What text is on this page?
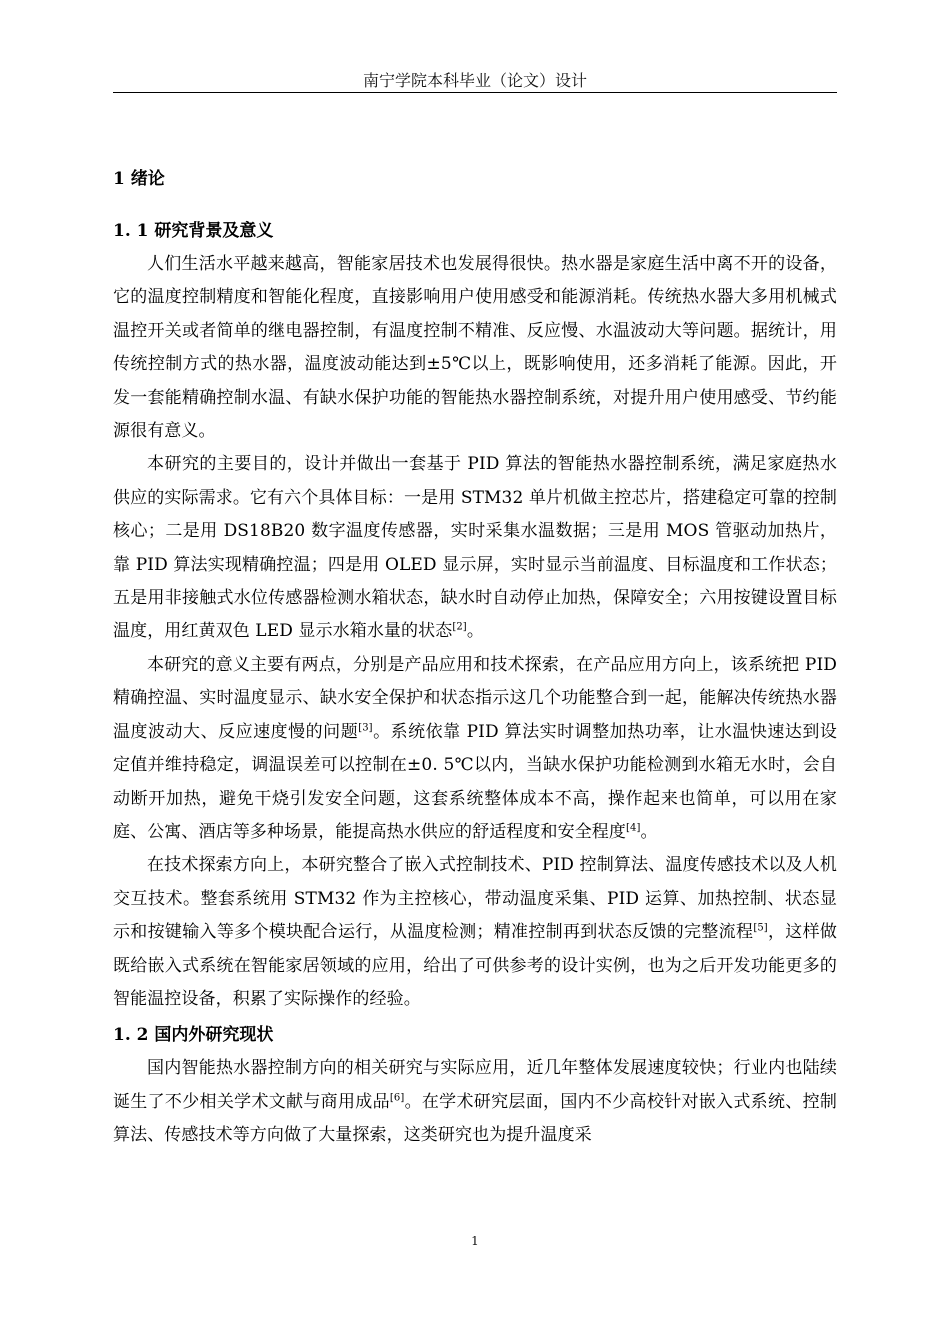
南宁学院本科毕业（论文）设计
1 绪论
1. 1 研究背景及意义

人们生活水平越来越高，智能家居技术也发展得很快。热水器是家庭生活中离不开的设备，它的温度控制精度和智能化程度，直接影响用户使用感受和能源消耗。传统热水器大多用机械式温控开关或者简单的继电器控制，有温度控制不精准、反应慢、水温波动大等问题。据统计，用传统控制方式的热水器，温度波动能达到±5℃以上，既影响使用，还多消耗了能源。因此，开发一套能精确控制水温、有缺水保护功能的智能热水器控制系统，对提升用户使用感受、节约能源很有意义。

本研究的主要目的，设计并做出一套基于 PID 算法的智能热水器控制系统，满足家庭热水供应的实际需求。它有六个具体目标：一是用 STM32 单片机做主控芯片，搭建稳定可靠的控制核心；二是用 DS18B20 数字温度传感器，实时采集水温数据；三是用 MOS 管驱动加热片，靠 PID 算法实现精确控温；四是用 OLED 显示屏，实时显示当前温度、目标温度和工作状态；五是用非接触式水位传感器检测水箱状态，缺水时自动停止加热，保障安全；六用按键设置目标温度，用红黄双色 LED 显示水箱水量的状态[2]。

本研究的意义主要有两点，分别是产品应用和技术探索，在产品应用方向上，该系统把 PID 精确控温、实时温度显示、缺水安全保护和状态指示这几个功能整合到一起，能解决传统热水器温度波动大、反应速度慢的问题[3]。系统依靠 PID 算法实时调整加热功率，让水温快速达到设定值并维持稳定，调温误差可以控制在±0. 5℃以内，当缺水保护功能检测到水箱无水时，会自动断开加热，避免干烧引发安全问题，这套系统整体成本不高，操作起来也简单，可以用在家庭、公寓、酒店等多种场景，能提高热水供应的舒适程度和安全程度[4]。

在技术探索方向上，本研究整合了嵌入式控制技术、PID 控制算法、温度传感技术以及人机交互技术。整套系统用 STM32 作为主控核心，带动温度采集、PID 运算、加热控制、状态显示和按键输入等多个模块配合运行，从温度检测；精准控制再到状态反馈的完整流程[5]，这样做既给嵌入式系统在智能家居领域的应用，给出了可供参考的设计实例，也为之后开发功能更多的智能温控设备，积累了实际操作的经验。

1. 2 国内外研究现状

国内智能热水器控制方向的相关研究与实际应用，近几年整体发展速度较快；行业内也陆续诞生了不少相关学术文献与商用成品[6]。在学术研究层面，国内不少高校针对嵌入式系统、控制算法、传感技术等方向做了大量探索，这类研究也为提升温度采

1
